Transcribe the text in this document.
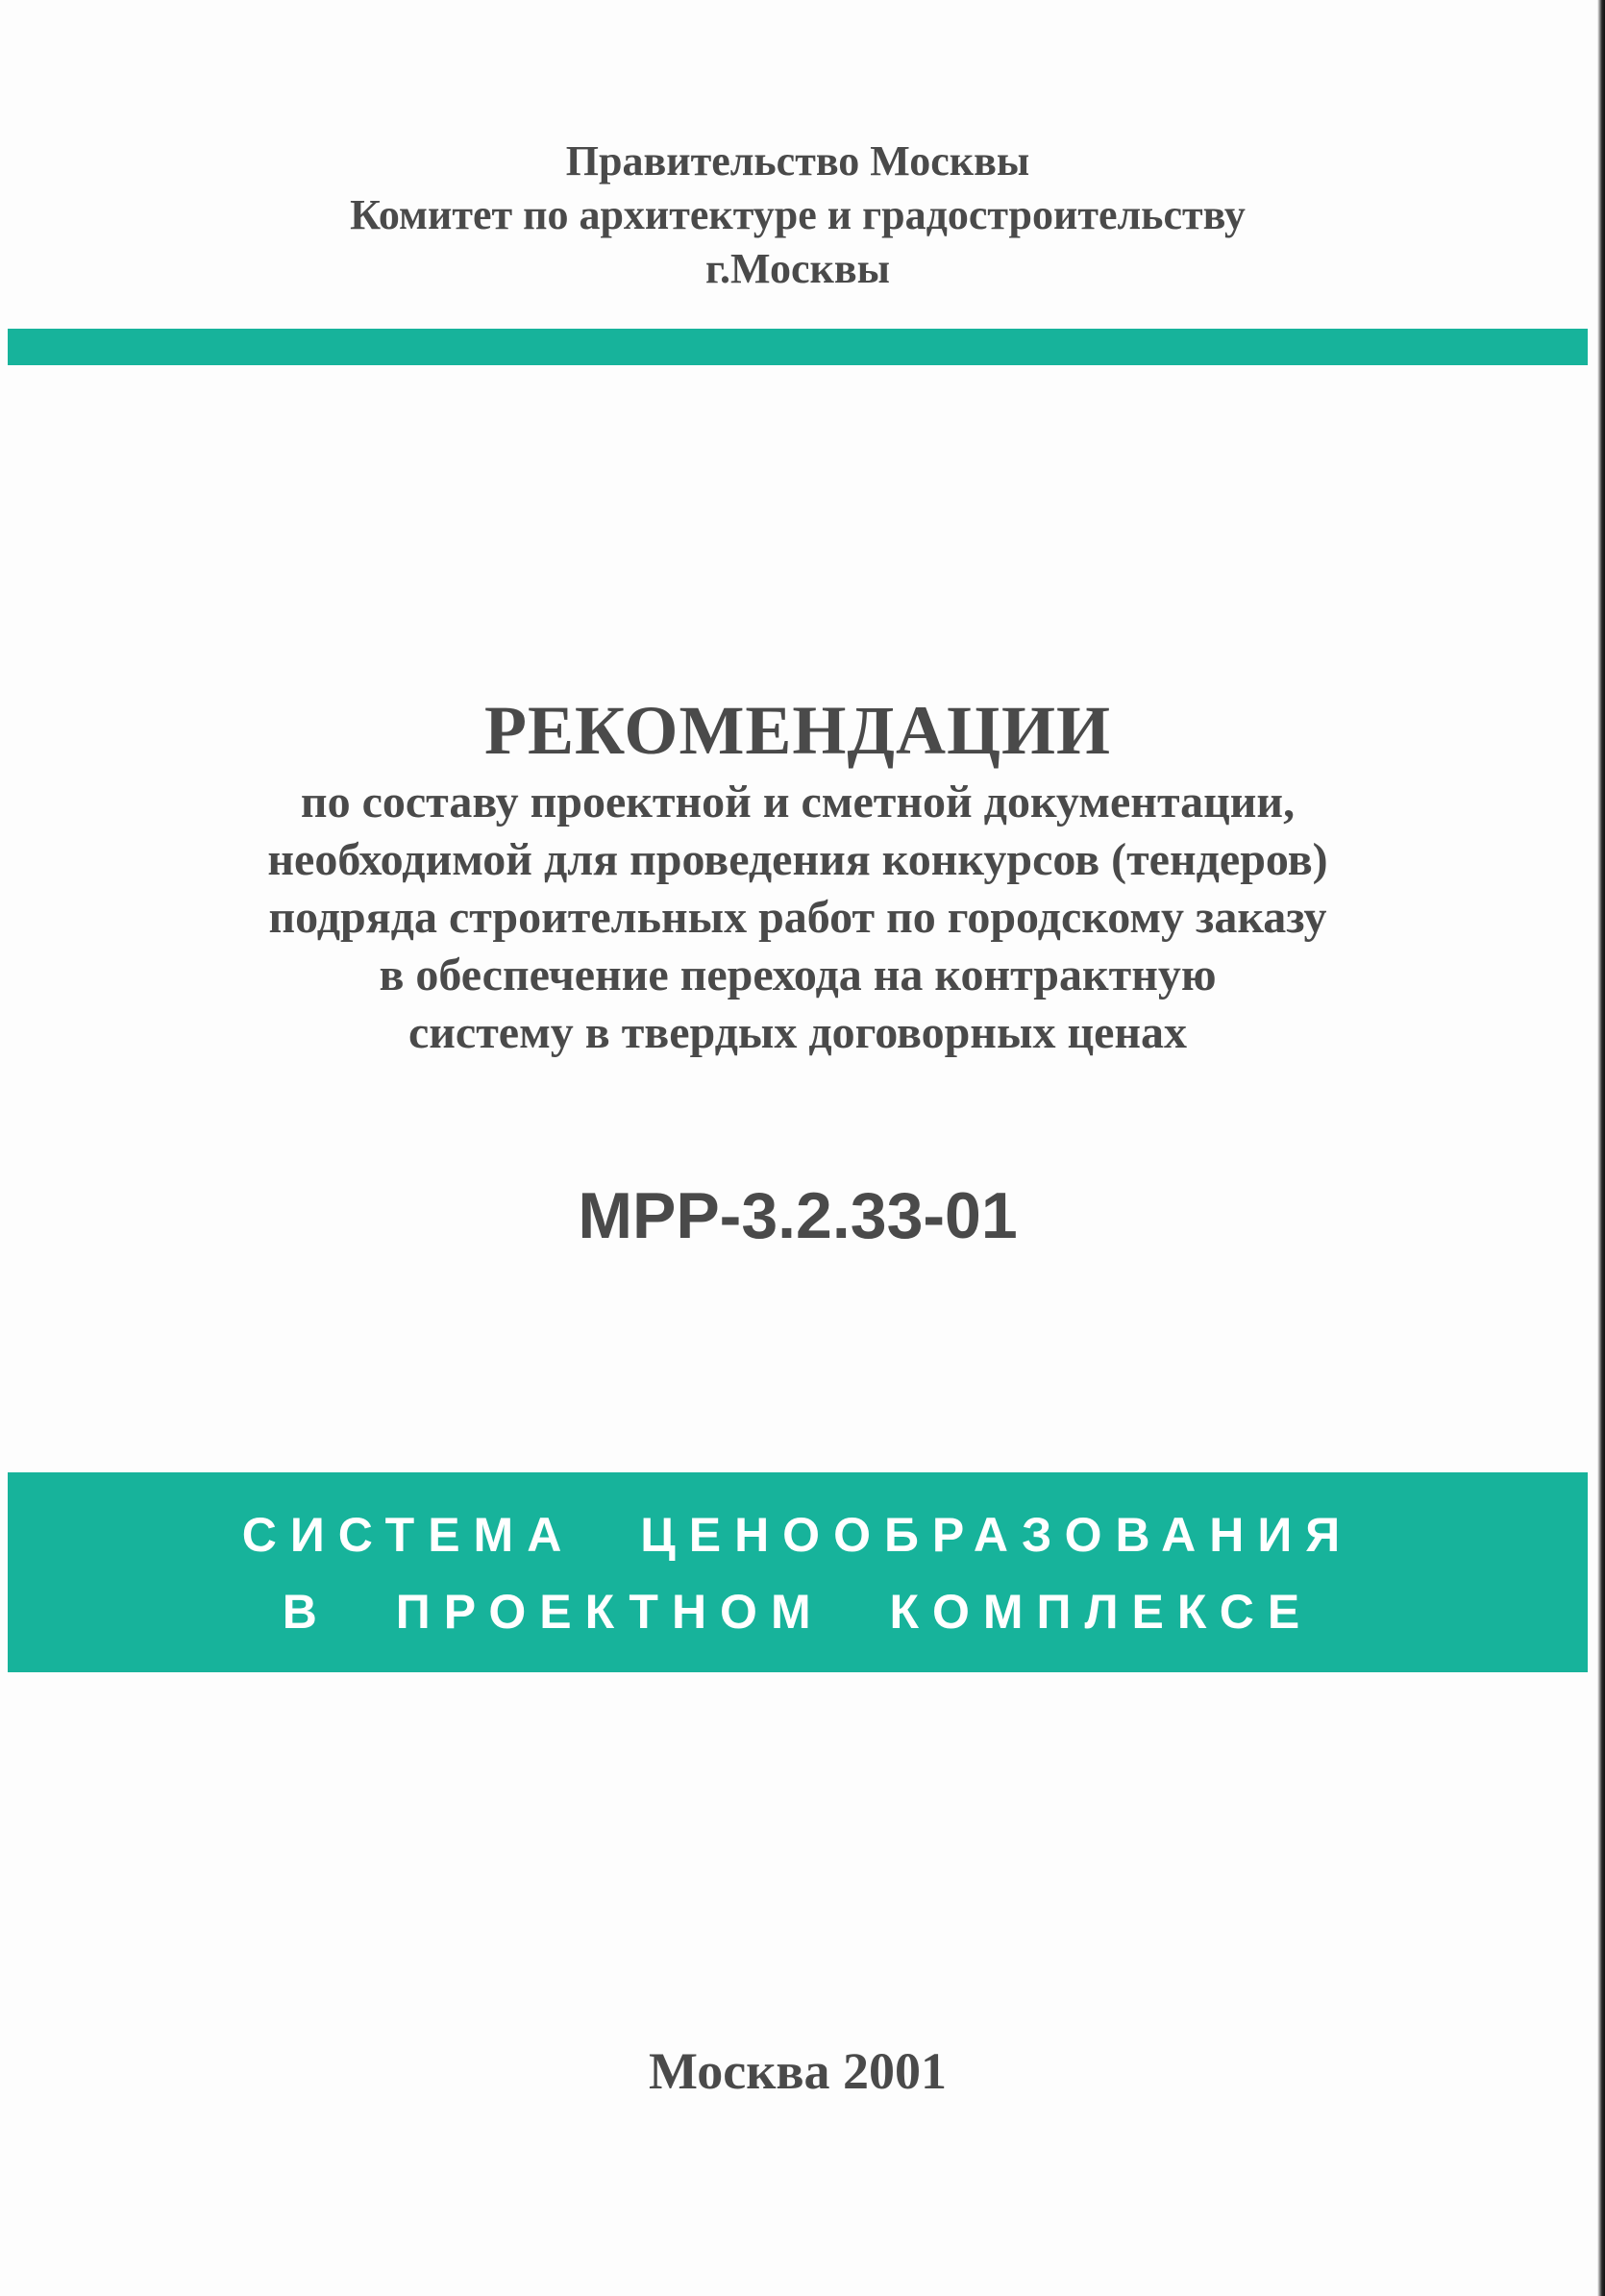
Правительство Москвы
Комитет по архитектуре и градостроительству
г.Москвы
РЕКОМЕНДАЦИИ
по составу проектной и сметной документации,
необходимой для проведения конкурсов (тендеров)
подряда строительных работ по городскому заказу
в обеспечение перехода на контрактную
систему в твердых договорных ценах
МРР-3.2.33-01
СИСТЕМА ЦЕНООБРАЗОВАНИЯ
В ПРОЕКТНОМ КОМПЛЕКСЕ
Москва 2001
